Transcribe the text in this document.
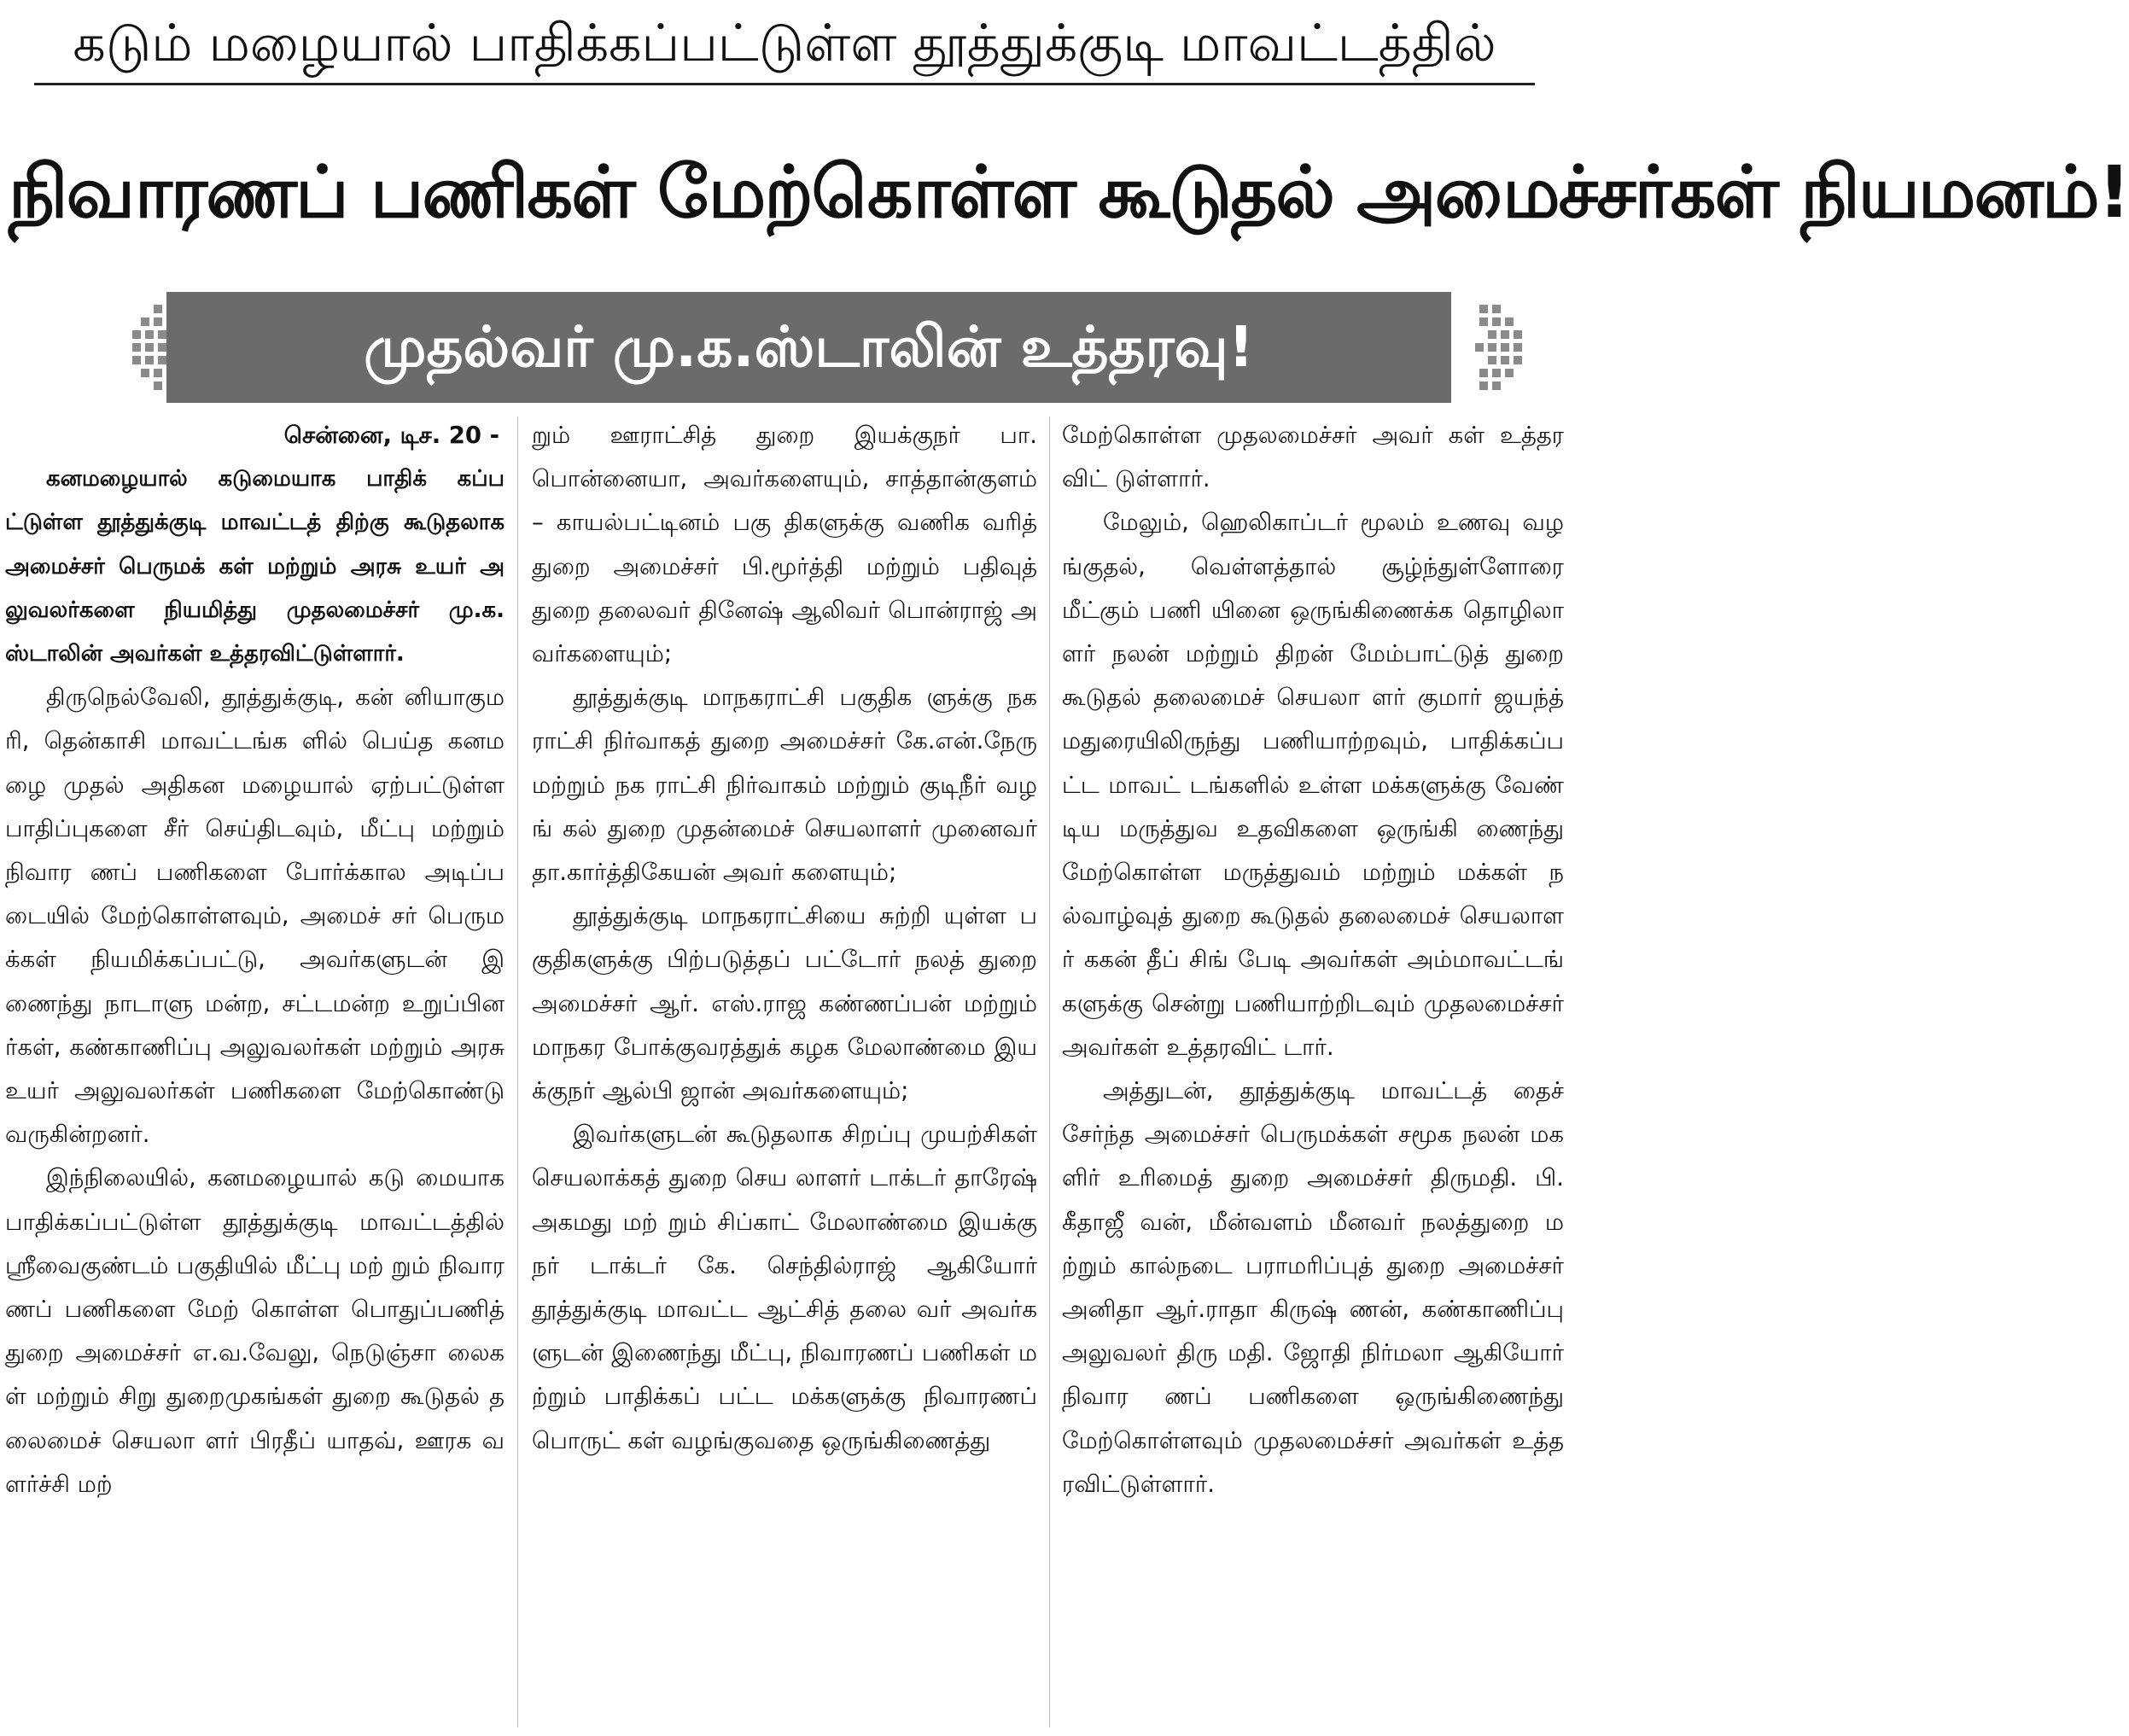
கடும் மழையால் பாதிக்கப்பட்டுள்ள தூத்துக்குடி மாவட்டத்தில்
நிவாரணப் பணிகள் மேற்கொள்ள கூடுதல் அமைச்சர்கள் நியமனம்!
முதல்வர் மு.க.ஸ்டாலின் உத்தரவு!
சென்னை, டிச. 20 -

கனமழையால் கடுமையாக பாதிக் கப்பட்டுள்ள தூத்துக்குடி மாவட்டத் திற்கு கூடுதலாக அமைச்சர் பெருமக் கள் மற்றும் அரசு உயர் அலுவலர்களை நியமித்து முதலமைச்சர் மு.க.ஸ்டாலின் அவர்கள் உத்தரவிட்டுள்ளார்.

திருநெல்வேலி, தூத்துக்குடி, கன் னியாகுமரி, தென்காசி மாவட்டங்க ளில் பெய்த கனமழை முதல் அதிகன மழையால் ஏற்பட்டுள்ள பாதிப்புகளை சீர் செய்திடவும், மீட்பு மற்றும் நிவார ணப் பணிகளை போர்க்கால அடிப்ப டையில் மேற்கொள்ளவும், அமைச் சர் பெருமக்கள் நியமிக்கப்பட்டு, அவர்களுடன் இணைந்து நாடாளு மன்ற, சட்டமன்ற உறுப்பினர்கள், கண்காணிப்பு அலுவலர்கள் மற்றும் அரசு உயர் அலுவலர்கள் பணிகளை மேற்கொண்டு வருகின்றனர்.

இந்நிலையில், கனமழையால் கடு மையாக பாதிக்கப்பட்டுள்ள தூத்துக்குடி மாவட்டத்தில் ஸ்ரீவைகுண்டம் பகுதியில் மீட்பு மற் றும் நிவாரணப் பணிகளை மேற் கொள்ள பொதுப்பணித் துறை அமைச்சர் எ.வ.வேலு, நெடுஞ்சா லைகள் மற்றும் சிறு துறைமுகங்கள் துறை கூடுதல் தலைமைச் செயலா ளர் பிரதீப் யாதவ், ஊரக வளர்ச்சி மற்

றும் ஊராட்சித் துறை இயக்குநர் பா.பொன்னையா, அவர்களையும், சாத்தான்குளம் – காயல்பட்டினம் பகு திகளுக்கு வணிக வரித் துறை அமைச்சர் பி.மூர்த்தி மற்றும் பதிவுத் துறை தலைவர் தினேஷ் ஆலிவர் பொன்ராஜ் அவர்களையும்;

தூத்துக்குடி மாநகராட்சி பகுதிக ளுக்கு நகராட்சி நிர்வாகத் துறை அமைச்சர் கே.என்.நேரு மற்றும் நக ராட்சி நிர்வாகம் மற்றும் குடிநீர் வழங் கல் துறை முதன்மைச் செயலாளர் முனைவர் தா.கார்த்திகேயன் அவர் களையும்;

தூத்துக்குடி மாநகராட்சியை சுற்றி யுள்ள பகுதிகளுக்கு பிற்படுத்தப் பட்டோர் நலத் துறை அமைச்சர் ஆர். எஸ்.ராஜ கண்ணப்பன் மற்றும் மாநகர போக்குவரத்துக் கழக மேலாண்மை இயக்குநர் ஆல்பி ஜான் அவர்களையும்;

இவர்களுடன் கூடுதலாக சிறப்பு முயற்சிகள் செயலாக்கத் துறை செய லாளர் டாக்டர் தாரேஷ் அகமது மற் றும் சிப்காட் மேலாண்மை இயக்கு நர் டாக்டர் கே. செந்தில்ராஜ் ஆகியோர் தூத்துக்குடி மாவட்ட ஆட்சித் தலை வர் அவர்களுடன் இணைந்து மீட்பு, நிவாரணப் பணிகள் மற்றும் பாதிக்கப் பட்ட மக்களுக்கு நிவாரணப் பொருட் கள் வழங்குவதை ஒருங்கிணைத்து

மேற்கொள்ள முதலமைச்சர் அவர் கள் உத்தரவிட் டுள்ளார்.

மேலும், ஹெலிகாப்டர் மூலம் உணவு வழங்குதல், வெள்ளத்தால் சூழ்ந்துள்ளோரை மீட்கும் பணி யினை ஒருங்கிணைக்க தொழிலா ளர் நலன் மற்றும் திறன் மேம்பாட்டுத் துறை கூடுதல் தலைமைச் செயலா ளர் குமார் ஜயந்த் மதுரையிலிருந்து பணியாற்றவும், பாதிக்கப்பட்ட மாவட் டங்களில் உள்ள மக்களுக்கு வேண் டிய மருத்துவ உதவிகளை ஒருங்கி ணைந்து மேற்கொள்ள மருத்துவம் மற்றும் மக்கள் நல்வாழ்வுத் துறை கூடுதல் தலைமைச் செயலாளர் ககன் தீப் சிங் பேடி அவர்கள் அம்மாவட்டங் களுக்கு சென்று பணியாற்றிடவும் முதலமைச்சர் அவர்கள் உத்தரவிட் டார்.

அத்துடன், தூத்துக்குடி மாவட்டத் தைச் சேர்ந்த அமைச்சர் பெருமக்கள் சமூக நலன் மகளிர் உரிமைத் துறை அமைச்சர் திருமதி. பி.கீதாஜீ வன், மீன்வளம் மீனவர் நலத்துறை மற்றும் கால்நடை பராமரிப்புத் துறை அமைச்சர் அனிதா ஆர்.ராதா கிருஷ் ணன், கண்காணிப்பு அலுவலர் திரு மதி. ஜோதி நிர்மலா ஆகியோர் நிவார ணப் பணிகளை ஒருங்கிணைந்து மேற்கொள்ளவும் முதலமைச்சர் அவர்கள் உத்தரவிட்டுள்ளார்.
